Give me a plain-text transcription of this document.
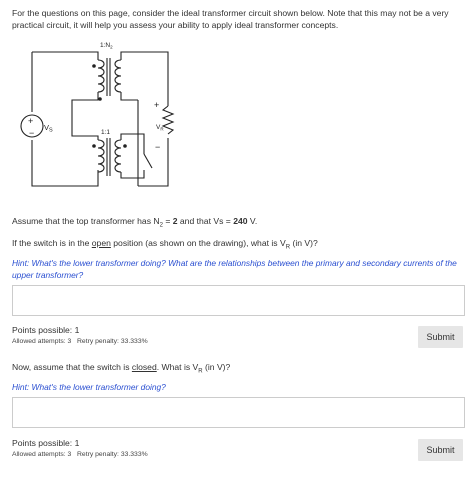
For the questions on this page, consider the ideal transformer circuit shown below. Note that this may not be a very practical circuit, it will help you assess your ability to apply ideal transformer concepts.
$1:N_2$
1:1
+
−
$V_S$
+
−
$V_R$
Assume that the top transformer has $N_2 = 2$ and that Vs = 240 V.
If the switch is in the open position (as shown on the drawing), what is $V_R$ (in V)?
Hint: What's the lower transformer doing? What are the relationships between the primary and secondary currents of the upper transformer?
Points possible: 1
Allowed attempts: 3 Retry penalty: 33.333%	Submit
Now, assume that the switch is closed. What is $V_R$ (in V)?
Hint: What's the lower transformer doing?
Points possible: 1
Allowed attempts: 3 Retry penalty: 33.333%	Submit
